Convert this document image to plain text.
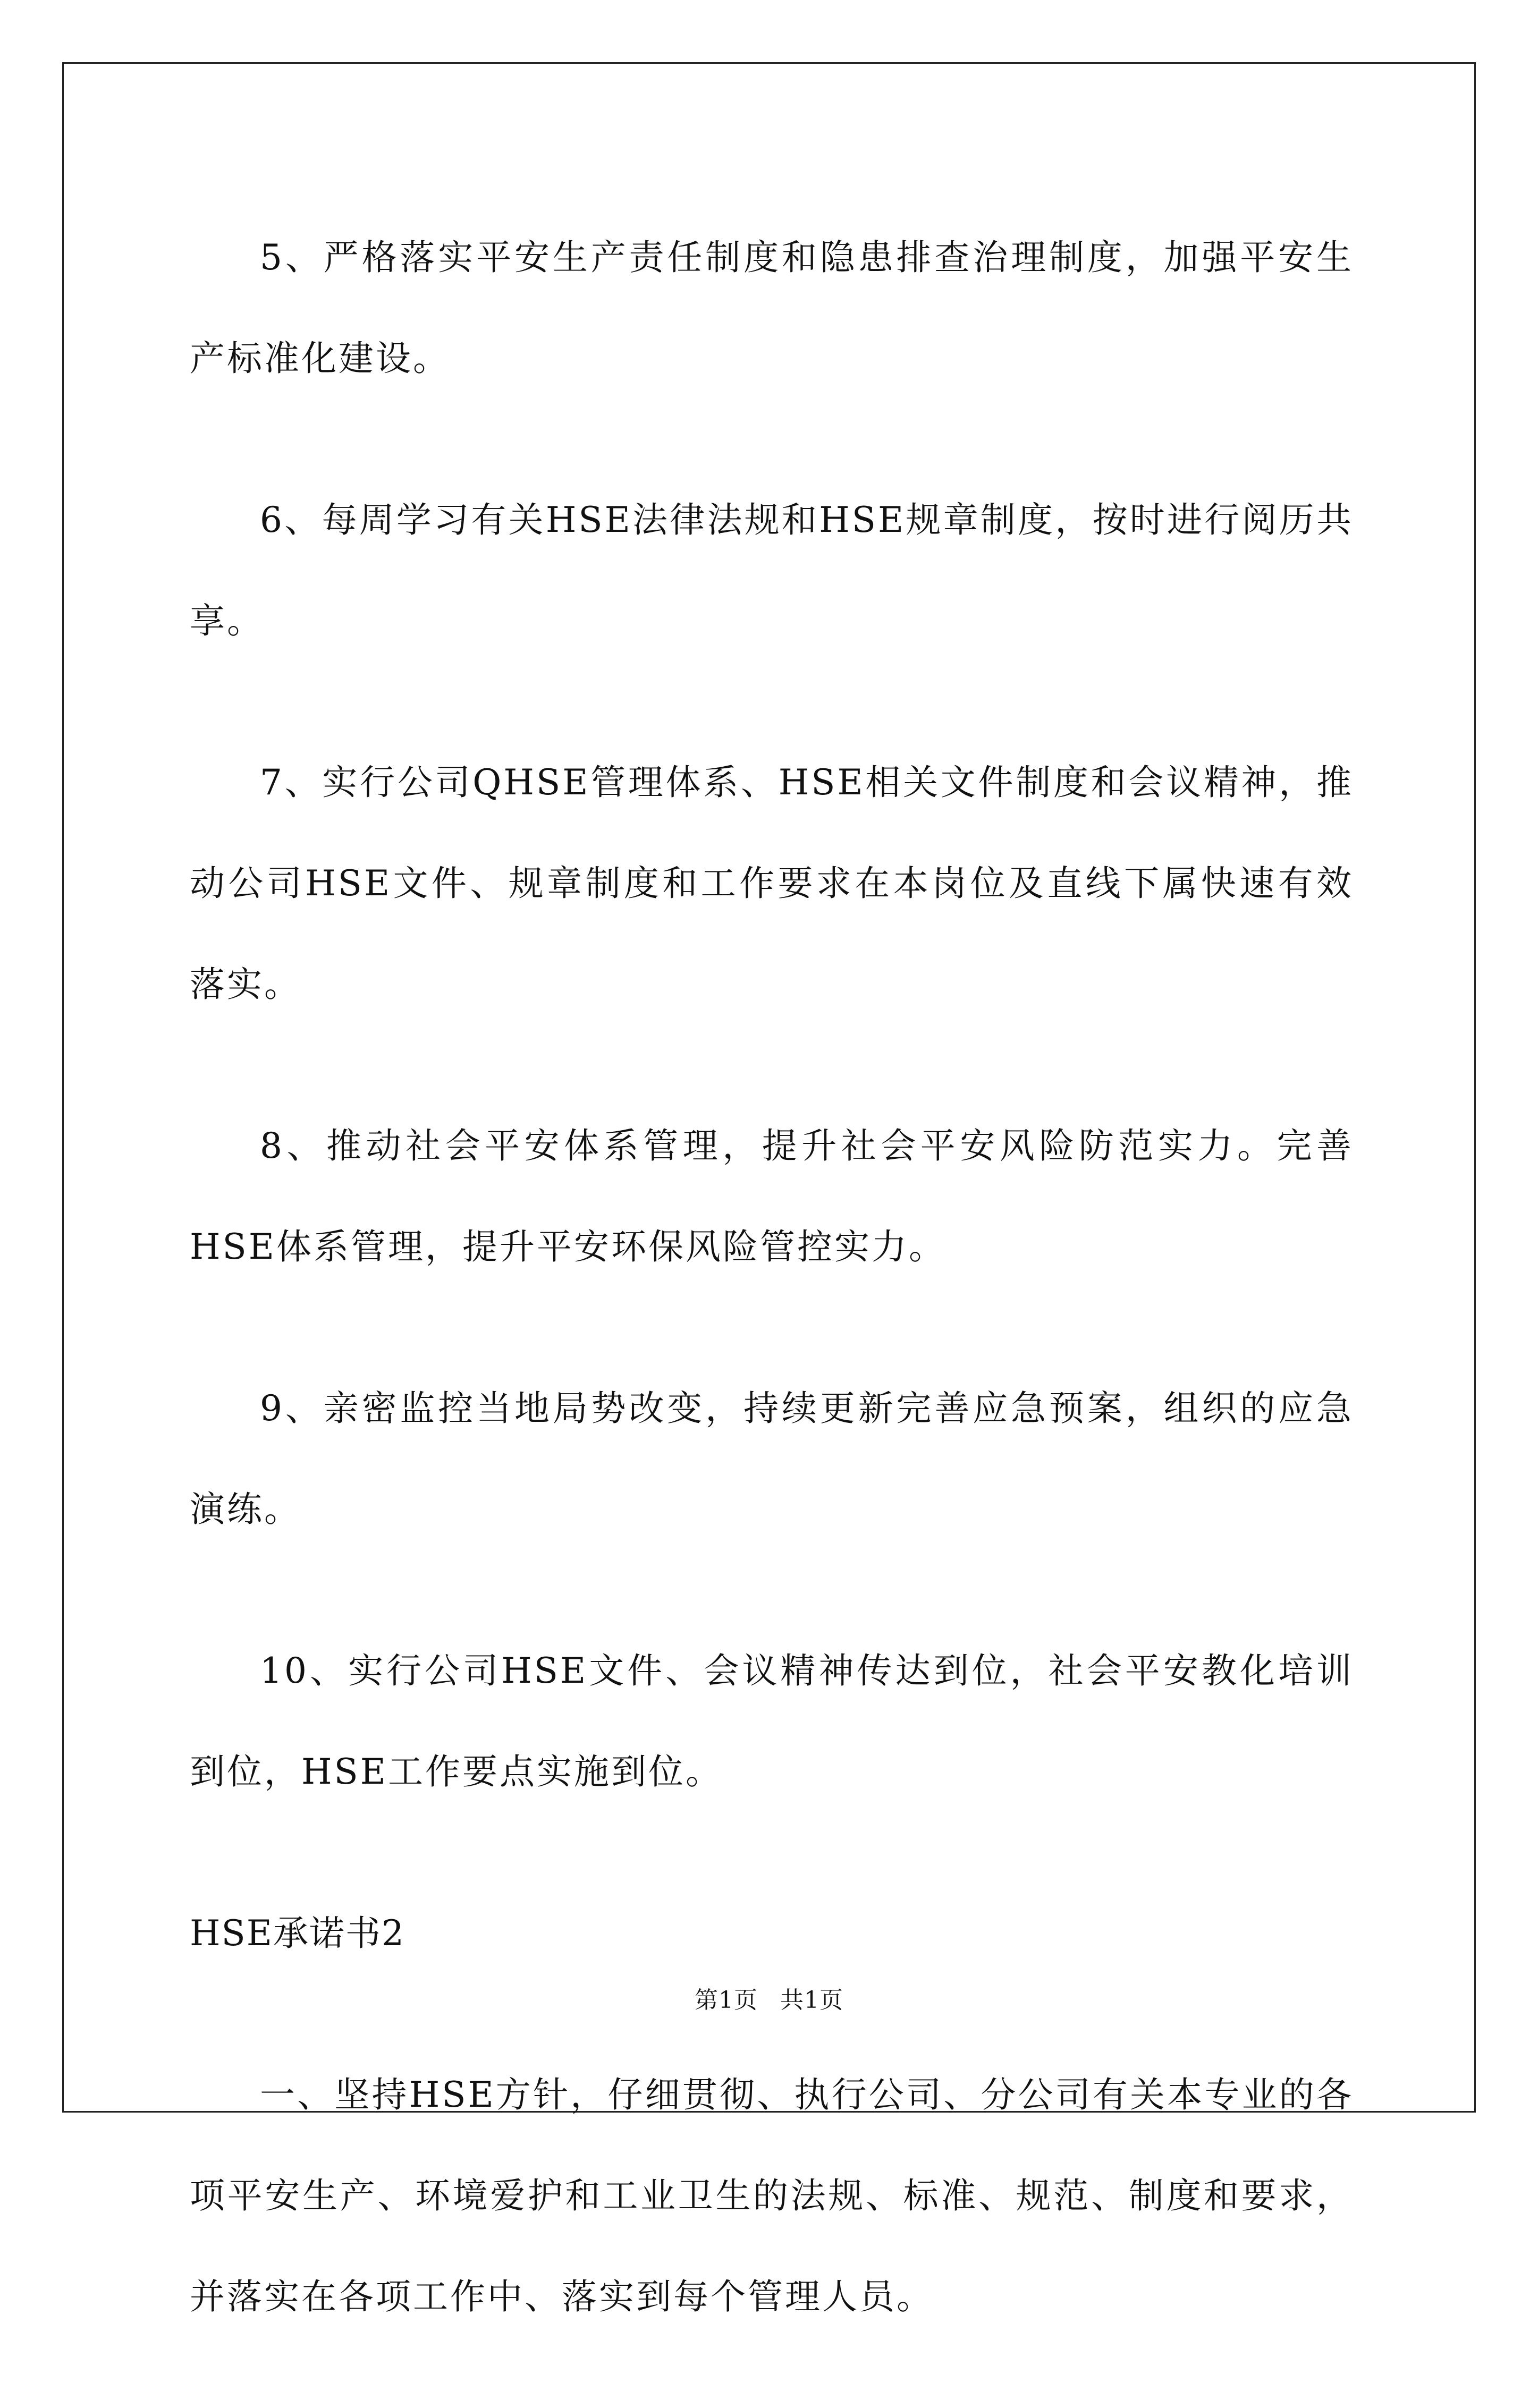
5、严格落实平安生产责任制度和隐患排查治理制度，加强平安生产标准化建设。

6、每周学习有关HSE法律法规和HSE规章制度，按时进行阅历共享。

7、实行公司QHSE管理体系、HSE相关文件制度和会议精神，推动公司HSE文件、规章制度和工作要求在本岗位及直线下属快速有效落实。

8、推动社会平安体系管理，提升社会平安风险防范实力。完善HSE体系管理，提升平安环保风险管控实力。

9、亲密监控当地局势改变，持续更新完善应急预案，组织的应急演练。

10、实行公司HSE文件、会议精神传达到位，社会平安教化培训到位，HSE工作要点实施到位。

HSE承诺书2

一、坚持HSE方针，仔细贯彻、执行公司、分公司有关本专业的各项平安生产、环境爱护和工业卫生的法规、标准、规范、制度和要求，并落实在各项工作中、落实到每个管理人员。

第1页 共1页
